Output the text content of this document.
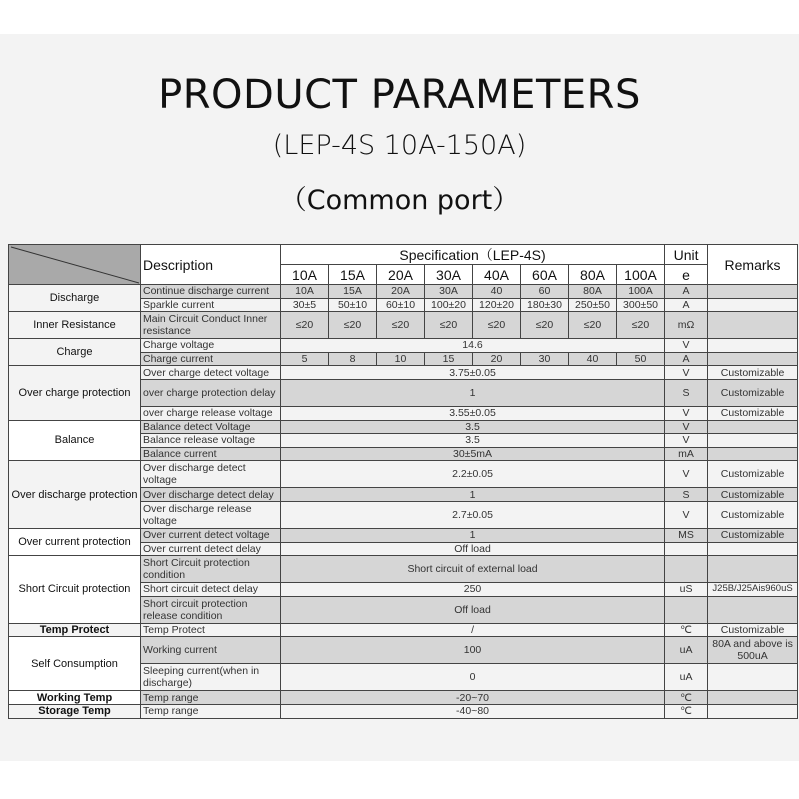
PRODUCT PARAMETERS
(LEP-4S 10A-150A)
（Common port）
	Description	Specification（LEP-4S)								Unit	Remarks
		10A	15A	20A	30A	40A	60A	80A	100A	e	
Discharge	Continue discharge current	10A	15A	20A	30A	40	60	80A	100A	A	
	Sparkle current	30±5	50±10	60±10	100±20	120±20	180±30	250±50	300±50	A	
Inner Resistance	Main Circuit Conduct Inner resistance	≤20	≤20	≤20	≤20	≤20	≤20	≤20	≤20	mΩ	
Charge	Charge voltage	14.6								V	
	Charge current	5	8	10	15	20	30	40	50	A	
Over charge protection	Over charge detect voltage	3.75±0.05								V	Customizable
	over charge protection delay	1								S	Customizable
	over charge release voltage	3.55±0.05								V	Customizable
Balance	Balance detect Voltage	3.5								V	
	Balance release voltage	3.5								V	
	Balance current	30±5mA								mA	
Over discharge protection	Over discharge detect voltage	2.2±0.05								V	Customizable
	Over discharge detect delay	1								S	Customizable
	Over discharge release voltage	2.7±0.05								V	Customizable
Over current protection	Over current detect voltage	1								MS	Customizable
	Over current detect delay	Off load									
Short Circuit protection	Short Circuit protection condition	Short circuit of external load									
	Short circuit detect delay	250								uS	J25B/J25Ais960uS
	Short circuit protection release condition	Off load									
Temp Protect	Temp Protect	/								℃	Customizable
Self Consumption	Working current	100								uA	80A and above is 500uA
	Sleeping current(when in discharge)	0								uA	
Working Temp	Temp range	-20~70								℃	
Storage Temp	Temp range	-40~80								℃	
